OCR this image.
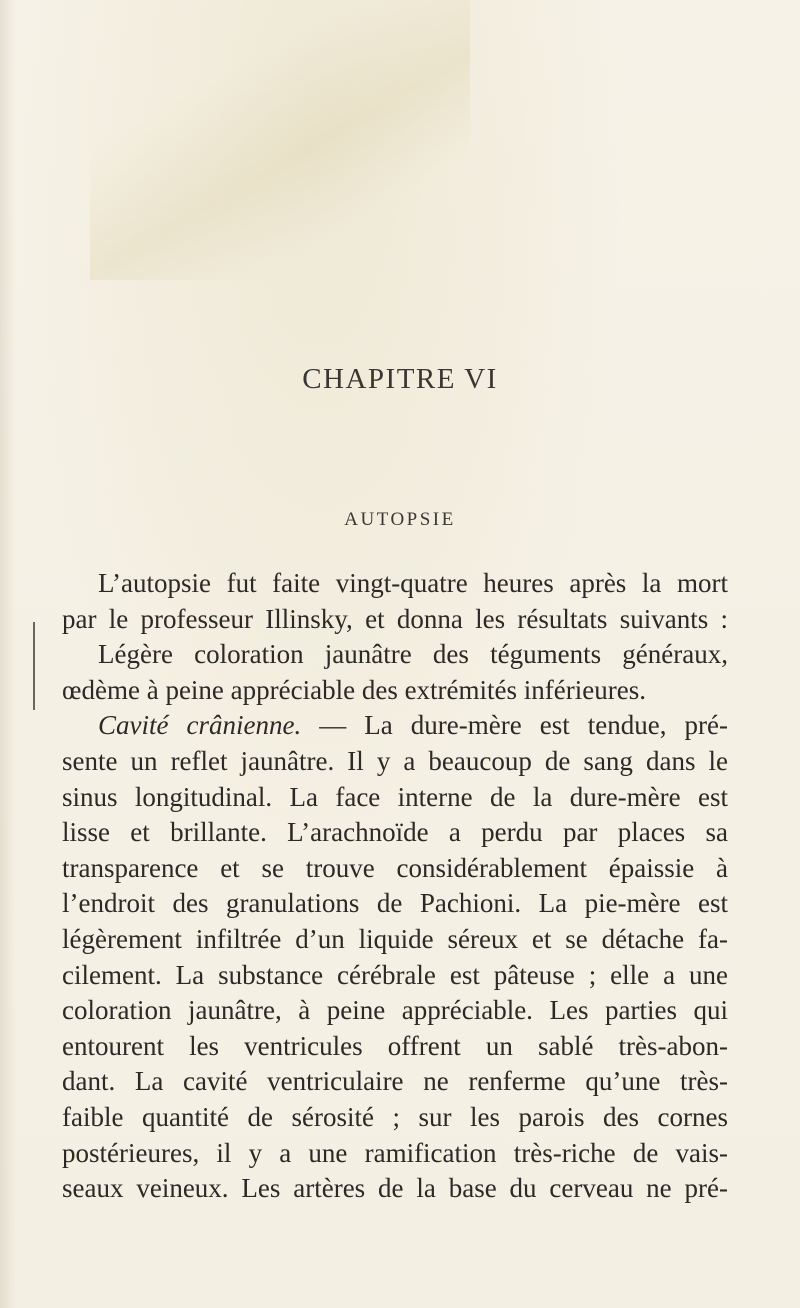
CHAPITRE VI
AUTOPSIE
L’autopsie fut faite vingt-quatre heures après la mort
par le professeur Illinsky, et donna les résultats suivants :
Légère coloration jaunâtre des téguments généraux,
œdème à peine appréciable des extrémités inférieures.
Cavité crânienne. — La dure-mère est tendue, pré-
sente un reflet jaunâtre. Il y a beaucoup de sang dans le
sinus longitudinal. La face interne de la dure-mère est
lisse et brillante. L’arachnoïde a perdu par places sa
transparence et se trouve considérablement épaissie à
l’endroit des granulations de Pachioni. La pie-mère est
légèrement infiltrée d’un liquide séreux et se détache fa-
cilement. La substance cérébrale est pâteuse ; elle a une
coloration jaunâtre, à peine appréciable. Les parties qui
entourent les ventricules offrent un sablé très-abon-
dant. La cavité ventriculaire ne renferme qu’une très-
faible quantité de sérosité ; sur les parois des cornes
postérieures, il y a une ramification très-riche de vais-
seaux veineux. Les artères de la base du cerveau ne pré-
